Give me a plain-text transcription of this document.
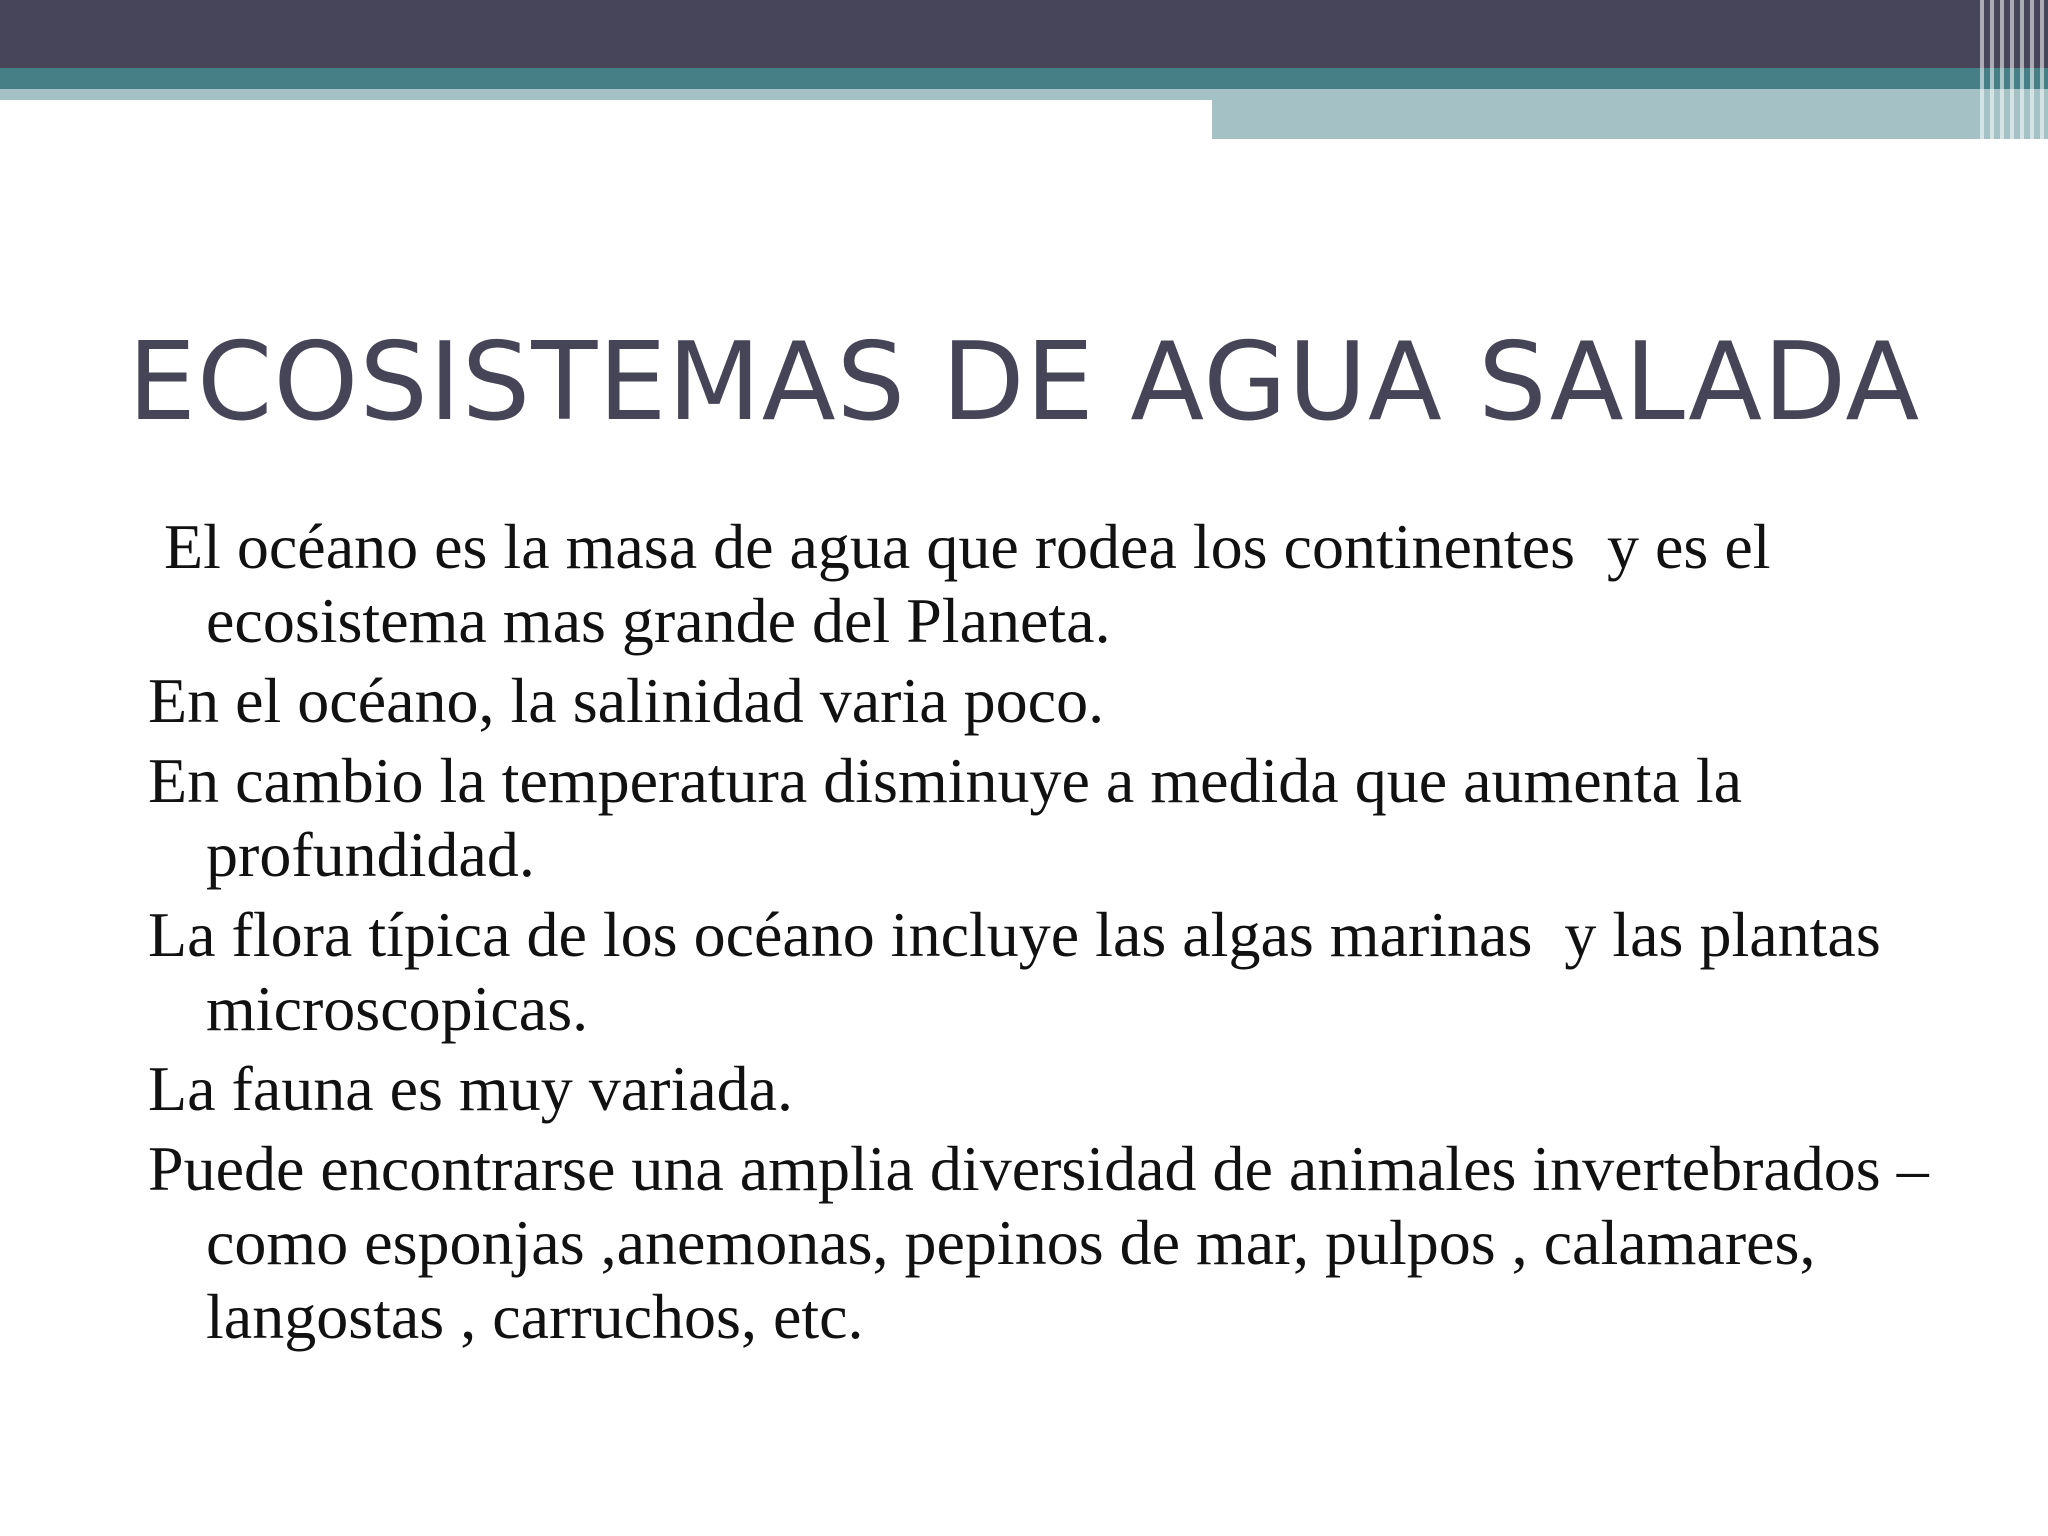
ECOSISTEMAS DE AGUA SALADA
El océano es la masa de agua que rodea los continentes  y es el  ecosistema mas grande del Planeta.
En el océano, la salinidad varia poco.
En cambio la temperatura disminuye a medida que aumenta la profundidad.
La flora típica de los océano incluye las algas marinas  y las plantas microscopicas.
La fauna es muy variada.
Puede encontrarse una amplia diversidad de animales invertebrados – como esponjas ,anemonas, pepinos de mar, pulpos , calamares, langostas , carruchos, etc.
